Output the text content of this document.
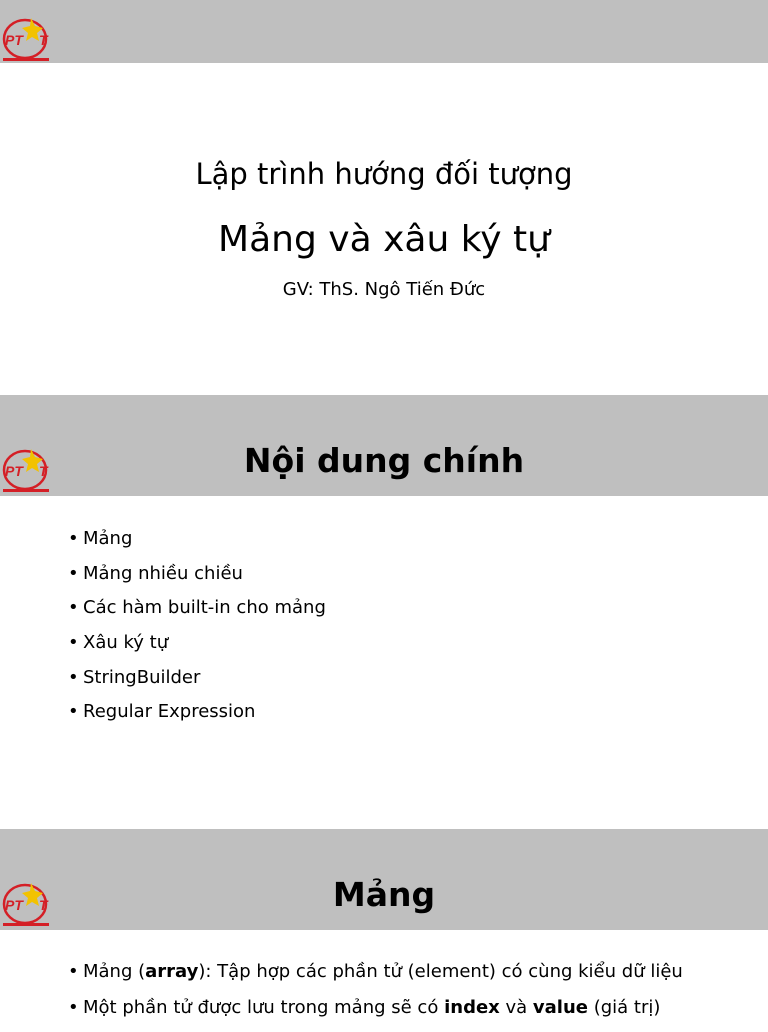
PT T
Lập trình hướng đối tượng
Mảng và xâu ký tự
GV: ThS. Ngô Tiến Đức
PT T	Nội dung chính
• Mảng
• Mảng nhiều chiều
• Các hàm built-in cho mảng
• Xâu ký tự
• StringBuilder
• Regular Expression
PT T	Mảng
• Mảng (array): Tập hợp các phần tử (element) có cùng kiểu dữ liệu
• Một phần tử được lưu trong mảng sẽ có index và value (giá trị)
